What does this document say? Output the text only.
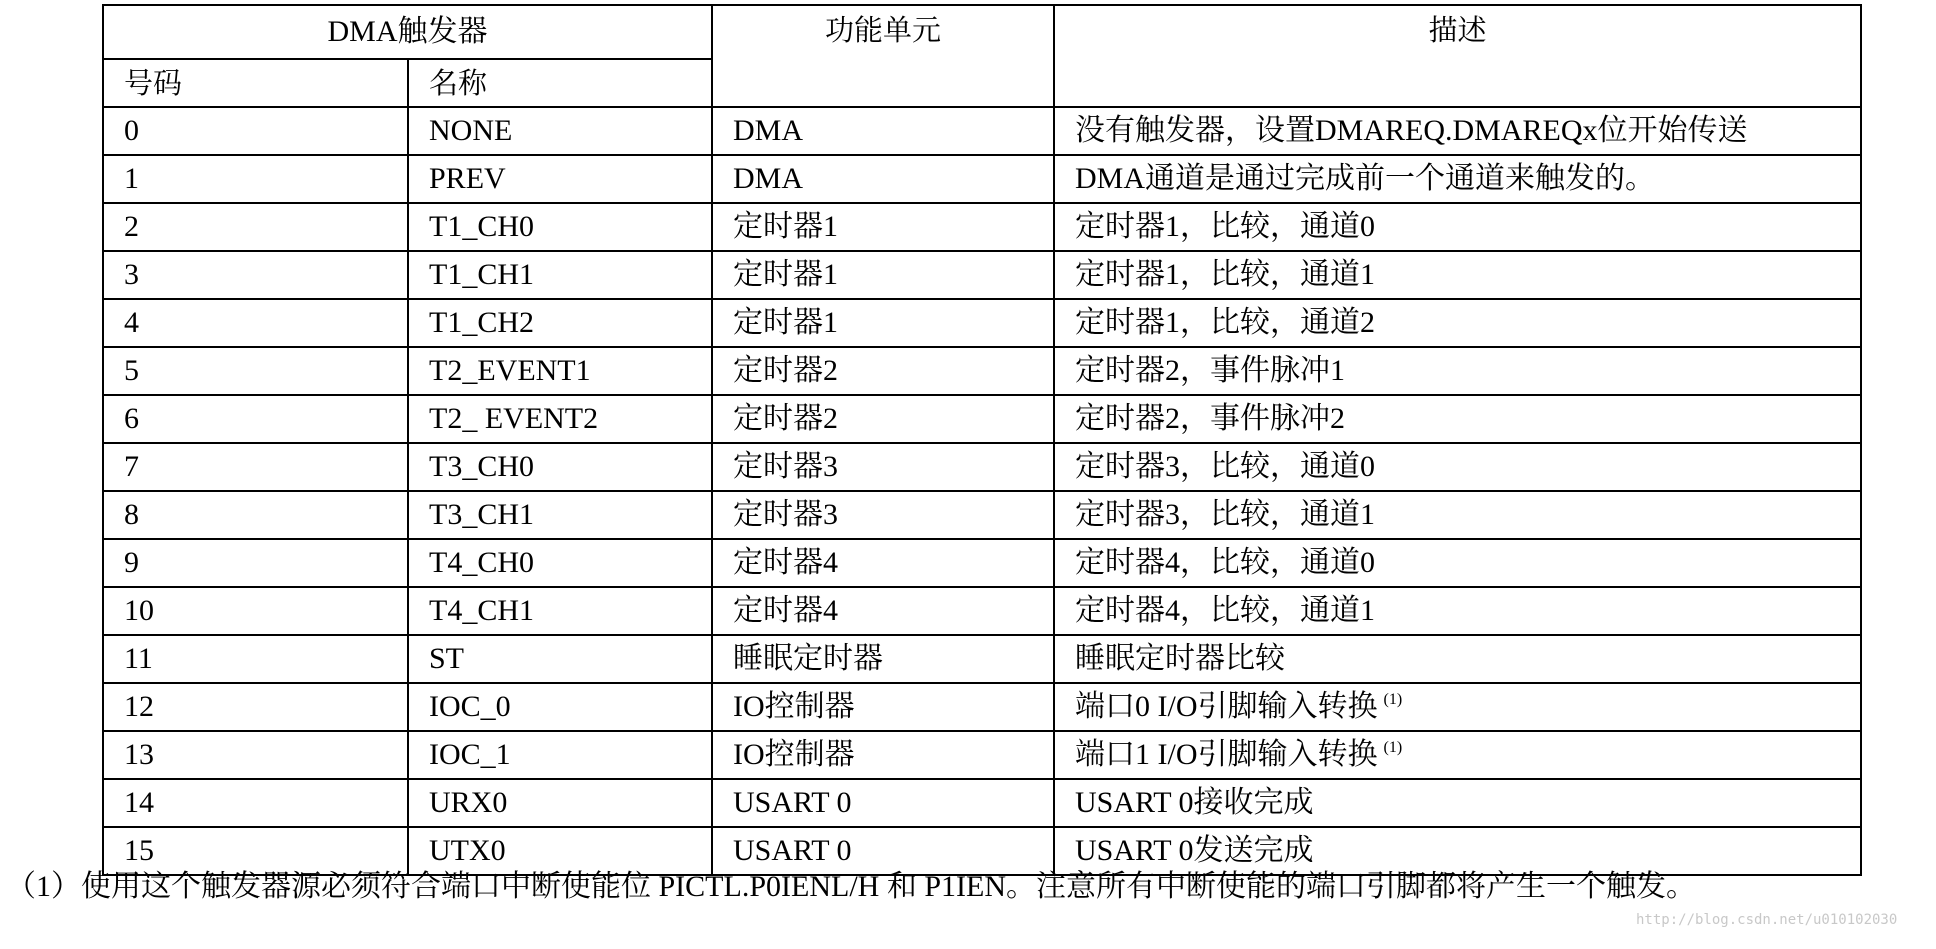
DMA触发器		功能单元	描述
号码	名称		
0	NONE	DMA	没有触发器，设置DMAREQ.DMAREQx位开始传送
1	PREV	DMA	DMA通道是通过完成前一个通道来触发的。
2	T1_CH0	定时器1	定时器1，比较，通道0
3	T1_CH1	定时器1	定时器1，比较，通道1
4	T1_CH2	定时器1	定时器1，比较，通道2
5	T2_EVENT1	定时器2	定时器2，事件脉冲1
6	T2_ EVENT2	定时器2	定时器2，事件脉冲2
7	T3_CH0	定时器3	定时器3，比较，通道0
8	T3_CH1	定时器3	定时器3，比较，通道1
9	T4_CH0	定时器4	定时器4，比较，通道0
10	T4_CH1	定时器4	定时器4，比较，通道1
11	ST	睡眠定时器	睡眠定时器比较
12	IOC_0	IO控制器	端口0 I/O引脚输入转换 $^{(1)}$
13	IOC_1	IO控制器	端口1 I/O引脚输入转换 $^{(1)}$
14	URX0	USART 0	USART 0接收完成
15	UTX0	USART 0	USART 0发送完成
（1）使用这个触发器源必须符合端口中断使能位 PICTL.P0IENL/H 和 P1IEN。注意所有中断使能的端口引脚都将产生一个触发。
http://blog.csdn.net/u010102030
